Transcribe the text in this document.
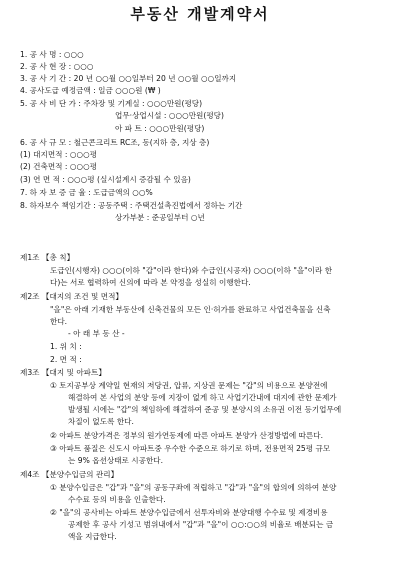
부동산 개발계약서
1. 공 사 명 : ○○○
2. 공 사 현 장 : ○○○
3. 공 사 기 간 : 20 년 ○○월 ○○일부터 20 년 ○○월 ○○일까지
4. 공사도급 예정금액 : 일금 ○○○원 (₩ )
5. 공 사 비 단 가 : 주차장 및 기계실 : ○○○만원(평당)
업무·상업시설 : ○○○만원(평당)
아 파 트 : ○○○만원(평당)
6. 공 사 규 모 : 철근콘크리트 RC조, 동(지하 층, 지상 층)
(1) 대지면적 : ○○○평
(2) 건축면적 : ○○○평
(3) 연 면 적 : ○○○평 (실시설계시 증감될 수 있음)
7. 하 자 보 증 금 율 : 도급금액의 ○○%
8. 하자보수 책임기간 : 공동주택 : 주택건설촉진법에서 정하는 기간
상가부분 : 준공일부터 ○년
제1조 【총 칙】
도급인(시행자) ○○○(이하 "갑"이라 한다)와 수급인(시공자) ○○○(이하 "을"이라 한
다)는 서로 협력하여 신의에 따라 본 약정을 성실히 이행한다.
제2조 【대지의 조건 및 면적】
"을"은 아래 기재한 부동산에 신축건물의 모든 인·허가를 완료하고 사업건축물을 신축
한다.
- 아 래 부 동 산 -
1. 위 치 :
2. 면 적 :
제3조 【대지 및 아파트】
① 토지공부상 계약일 현재의 저당권, 압류, 지상권 문제는 "갑"의 비용으로 분양전에
해결하여 본 사업의 분양 등에 지장이 없게 하고 사업기간내에 대지에 관한 문제가
발생될 시에는 "갑"의 책임하에 해결하여 준공 및 분양시의 소유권 이전 등기업무에
차질이 없도록 한다.
② 아파트 분양가격은 정부의 원가연동제에 따른 아파트 분양가 산정방법에 따른다.
③ 아파트 품질은 신도시 아파트중 우수한 수준으로 하기로 하며, 전용면적 25평 규모
는 9% 옵션상태로 시공한다.
제4조 【분양수입금의 관리】
① 분양수입금은 "갑"과 "을"의 공동구좌에 적립하고 "갑"과 "을"의 합의에 의하여 분양
수수료 등의 비용을 인출한다.
② "을"의 공사비는 아파트 분양수입금에서 선투자비와 분양대행 수수료 및 제경비용
공제한 후 공사 기성고 범위내에서 "갑"과 "을"이 ○○:○○의 비율로 배분되는 금
액을 지급한다.
